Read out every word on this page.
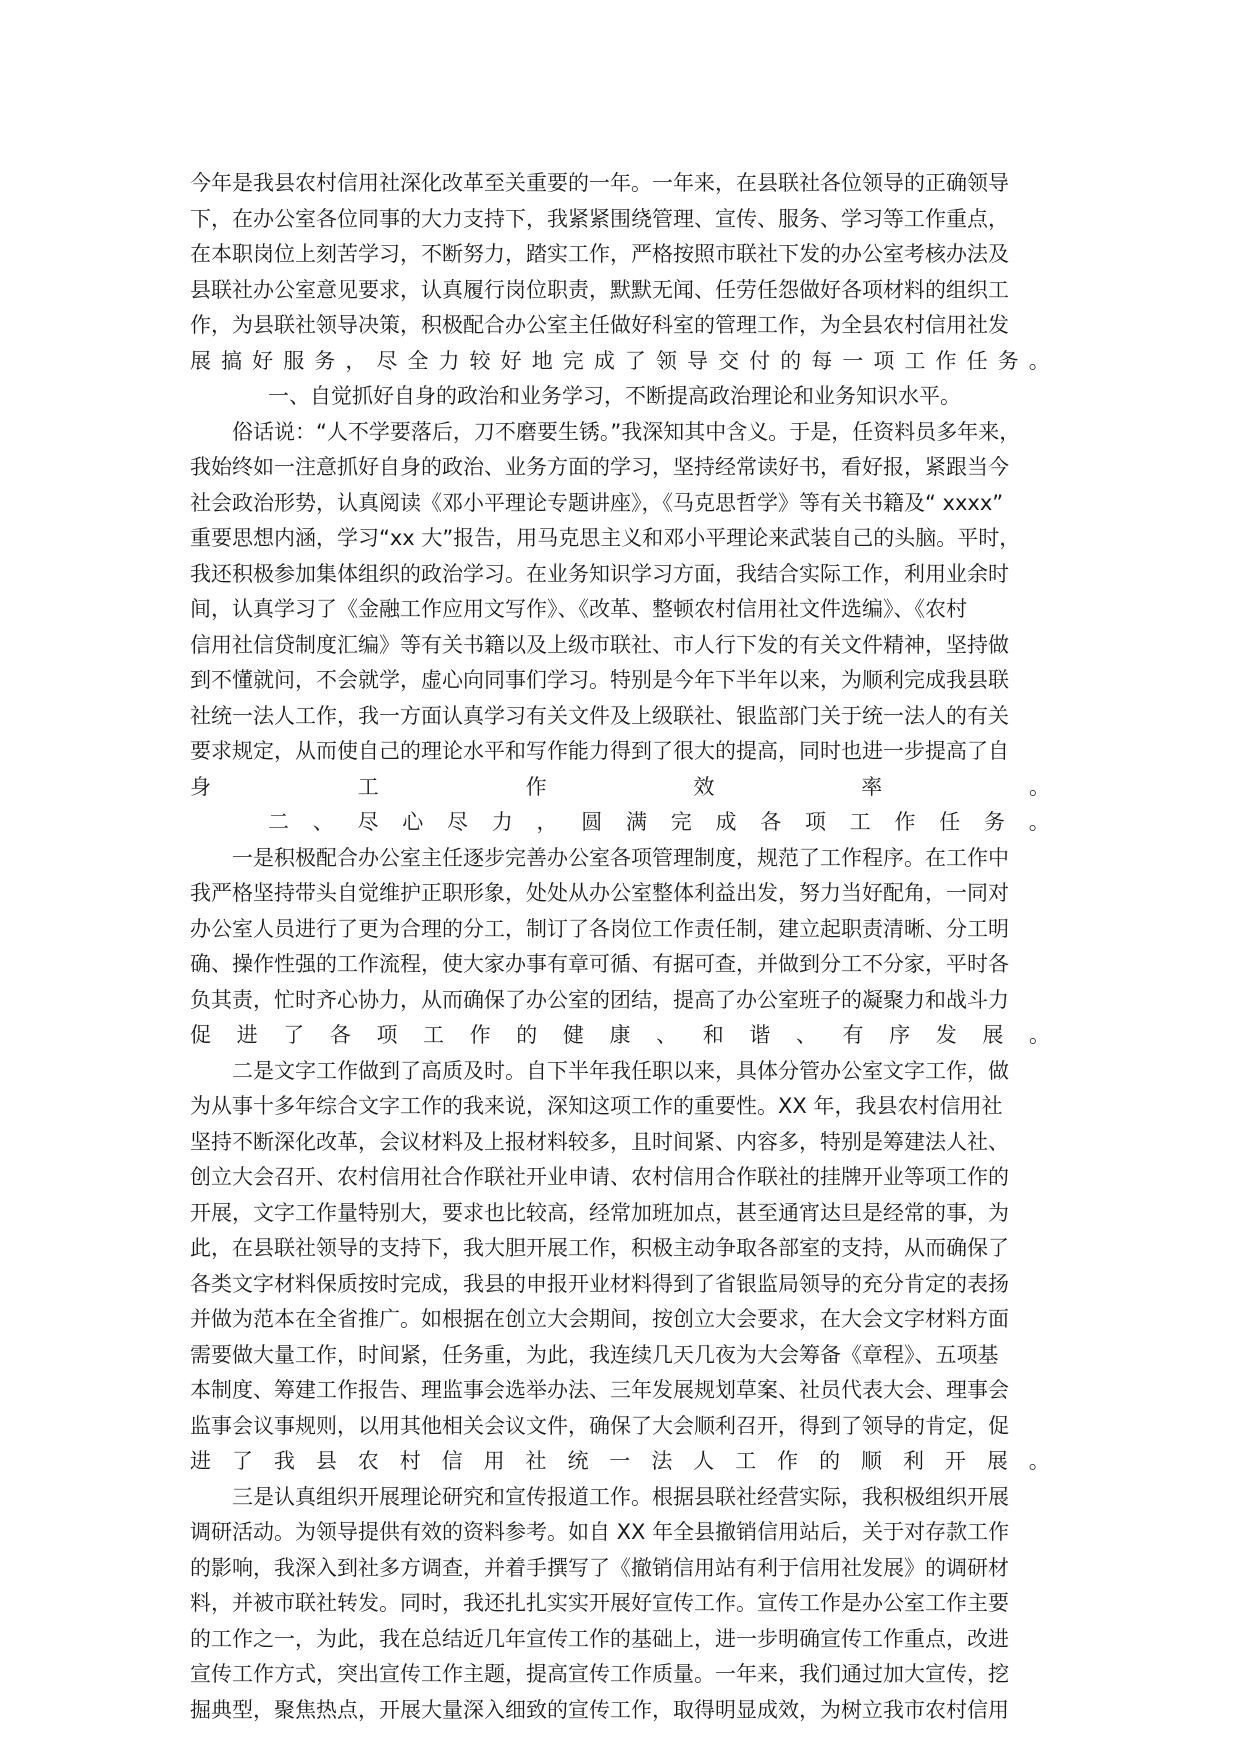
今年是我县农村信用社深化改革至关重要的一年。一年来，在县联社各位领导的正确领导
下，在办公室各位同事的大力支持下，我紧紧围绕管理、宣传、服务、学习等工作重点，
在本职岗位上刻苦学习，不断努力，踏实工作，严格按照市联社下发的办公室考核办法及
县联社办公室意见要求，认真履行岗位职责，默默无闻、任劳任怨做好各项材料的组织工
作，为县联社领导决策，积极配合办公室主任做好科室的管理工作，为全县农村信用社发
展 搞 好 服 务 ， 尽 全 力 较 好 地 完 成 了 领 导 交 付 的 每 一 项 工 作 任 务 。
一、自觉抓好自身的政治和业务学习，不断提高政治理论和业务知识水平。
俗话说：“人不学要落后，刀不磨要生锈。”我深知其中含义。于是，任资料员多年来，
我始终如一注意抓好自身的政治、业务方面的学习，坚持经常读好书，看好报，紧跟当今
社会政治形势，认真阅读《邓小平理论专题讲座》，《马克思哲学》等有关书籍及“ xxxx”
重要思想内涵，学习“xx 大”报告，用马克思主义和邓小平理论来武装自己的头脑。平时，
我还积极参加集体组织的政治学习。在业务知识学习方面，我结合实际工作，利用业余时
间，认真学习了《金融工作应用文写作》、《改革、整顿农村信用社文件选编》、《农村
信用社信贷制度汇编》等有关书籍以及上级市联社、市人行下发的有关文件精神，坚持做
到不懂就问，不会就学，虚心向同事们学习。特别是今年下半年以来，为顺利完成我县联
社统一法人工作，我一方面认真学习有关文件及上级联社、银监部门关于统一法人的有关
要求规定，从而使自己的理论水平和写作能力得到了很大的提高，同时也进一步提高了自
身	工	作	效	率	。
二 、 尽 心 尽 力 ， 圆 满 完 成 各 项 工 作 任 务 。
一是积极配合办公室主任逐步完善办公室各项管理制度，规范了工作程序。在工作中
我严格坚持带头自觉维护正职形象，处处从办公室整体利益出发，努力当好配角，一同对
办公室人员进行了更为合理的分工，制订了各岗位工作责任制，建立起职责清晰、分工明
确、操作性强的工作流程，使大家办事有章可循、有据可查，并做到分工不分家，平时各
负其责，忙时齐心协力，从而确保了办公室的团结，提高了办公室班子的凝聚力和战斗力
促 进 了 各 项 工 作 的 健 康 、 和 谐 、 有 序 发 展 。
二是文字工作做到了高质及时。自下半年我任职以来，具体分管办公室文字工作，做
为从事十多年综合文字工作的我来说，深知这项工作的重要性。XX 年，我县农村信用社
坚持不断深化改革，会议材料及上报材料较多，且时间紧、内容多，特别是筹建法人社、
创立大会召开、农村信用社合作联社开业申请、农村信用合作联社的挂牌开业等项工作的
开展，文字工作量特别大，要求也比较高，经常加班加点，甚至通宵达旦是经常的事，为
此，在县联社领导的支持下，我大胆开展工作，积极主动争取各部室的支持，从而确保了
各类文字材料保质按时完成，我县的申报开业材料得到了省银监局领导的充分肯定的表扬
并做为范本在全省推广。如根据在创立大会期间，按创立大会要求，在大会文字材料方面
需要做大量工作，时间紧，任务重，为此，我连续几天几夜为大会筹备《章程》、五项基
本制度、筹建工作报告、理监事会选举办法、三年发展规划草案、社员代表大会、理事会
监事会议事规则，以用其他相关会议文件，确保了大会顺利召开，得到了领导的肯定，促
进 了 我 县 农 村 信 用 社 统 一 法 人 工 作 的 顺 利 开 展 。
三是认真组织开展理论研究和宣传报道工作。根据县联社经营实际，我积极组织开展
调研活动。为领导提供有效的资料参考。如自 XX 年全县撤销信用站后，关于对存款工作
的影响，我深入到社多方调查，并着手撰写了《撤销信用站有利于信用社发展》的调研材
料，并被市联社转发。同时，我还扎扎实实开展好宣传工作。宣传工作是办公室工作主要
的工作之一，为此，我在总结近几年宣传工作的基础上，进一步明确宣传工作重点，改进
宣传工作方式，突出宣传工作主题，提高宣传工作质量。一年来，我们通过加大宣传，挖
掘典型，聚焦热点，开展大量深入细致的宣传工作，取得明显成效，为树立我市农村信用
